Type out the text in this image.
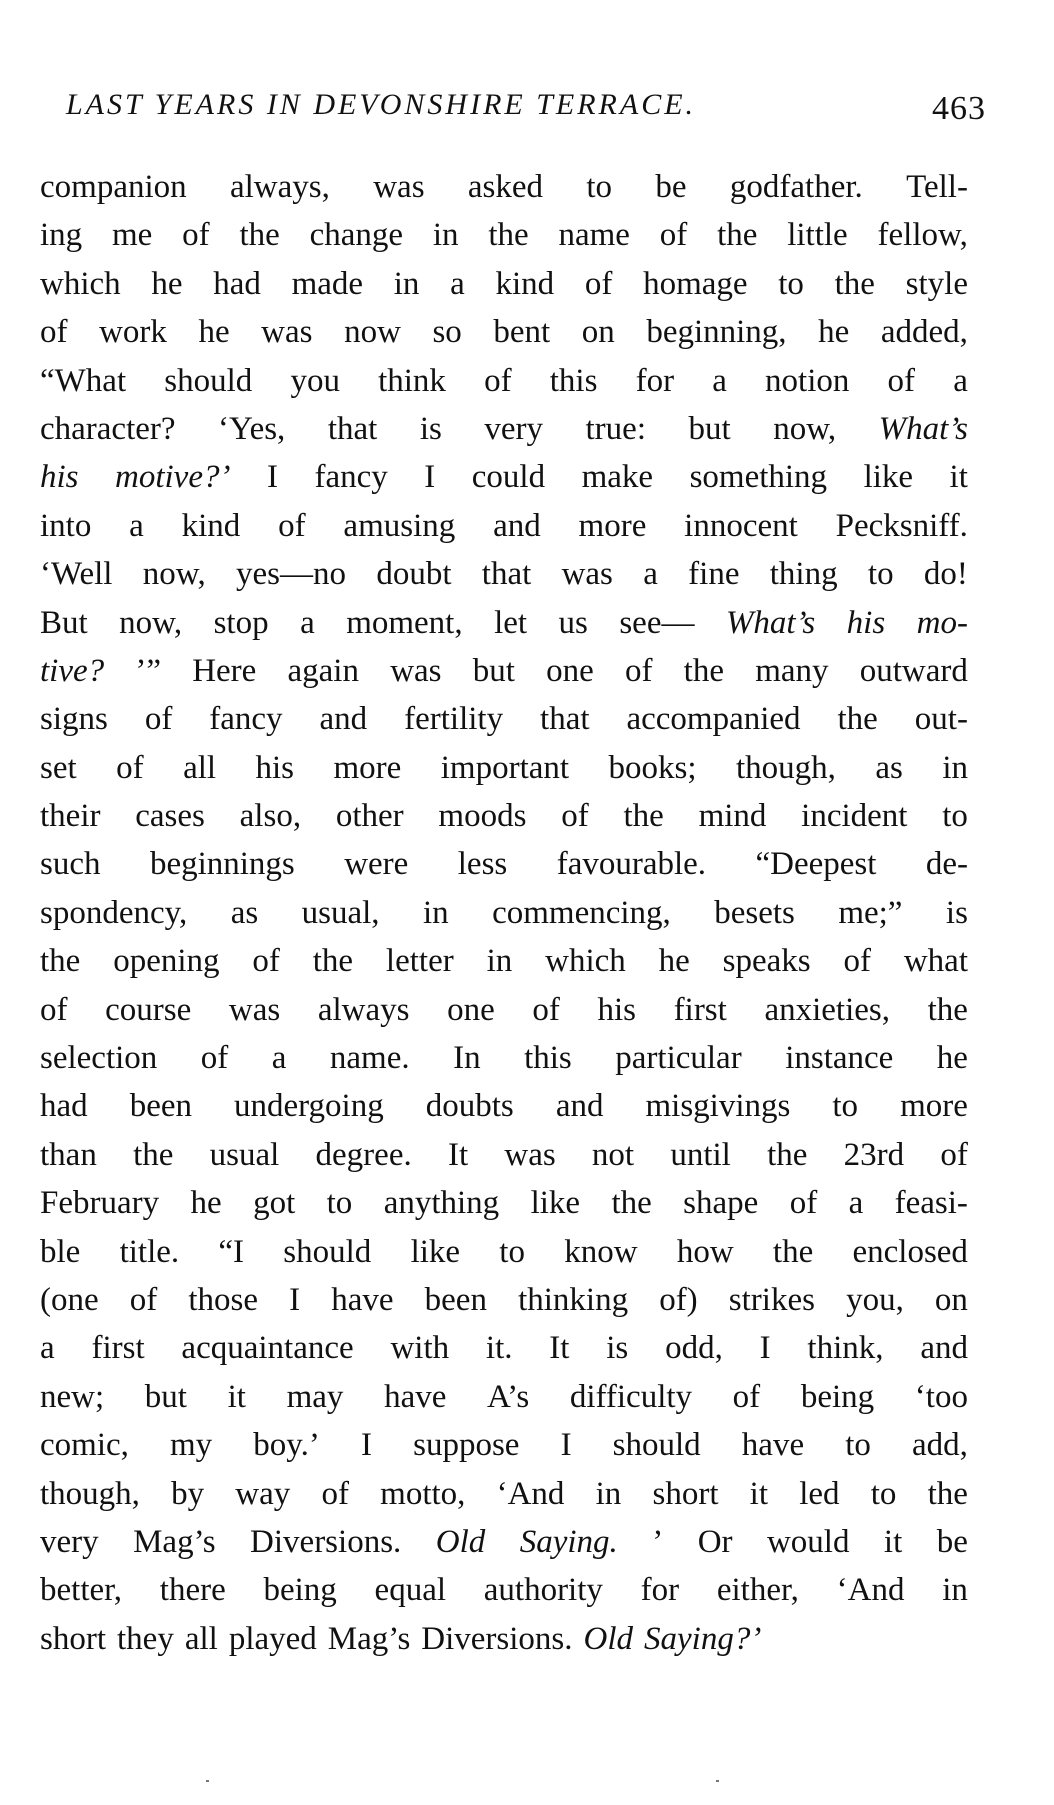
LAST YEARS IN DEVONSHIRE TERRACE.	463
companion always, was asked to be godfather. Tell-
ing me of the change in the name of the little fellow,
which he had made in a kind of homage to the style
of work he was now so bent on beginning, he added,
“What should you think of this for a notion of a
character? ‘Yes, that is very true: but now, What’s
his motive?’ I fancy I could make something like it
into a kind of amusing and more innocent Pecksniff.
‘Well now, yes—no doubt that was a fine thing to do!
But now, stop a moment, let us see— What’s his mo-
tive? ’” Here again was but one of the many outward
signs of fancy and fertility that accompanied the out-
set of all his more important books; though, as in
their cases also, other moods of the mind incident to
such beginnings were less favourable. “Deepest de-
spondency, as usual, in commencing, besets me;” is
the opening of the letter in which he speaks of what
of course was always one of his first anxieties, the
selection of a name. In this particular instance he
had been undergoing doubts and misgivings to more
than the usual degree. It was not until the 23rd of
February he got to anything like the shape of a feasi-
ble title. “I should like to know how the enclosed
(one of those I have been thinking of) strikes you, on
a first acquaintance with it. It is odd, I think, and
new; but it may have A’s difficulty of being ‘too
comic, my boy.’ I suppose I should have to add,
though, by way of motto, ‘And in short it led to the
very Mag’s Diversions. Old Saying. ’ Or would it be
better, there being equal authority for either, ‘And in
short they all played Mag’s Diversions. Old Saying?’
